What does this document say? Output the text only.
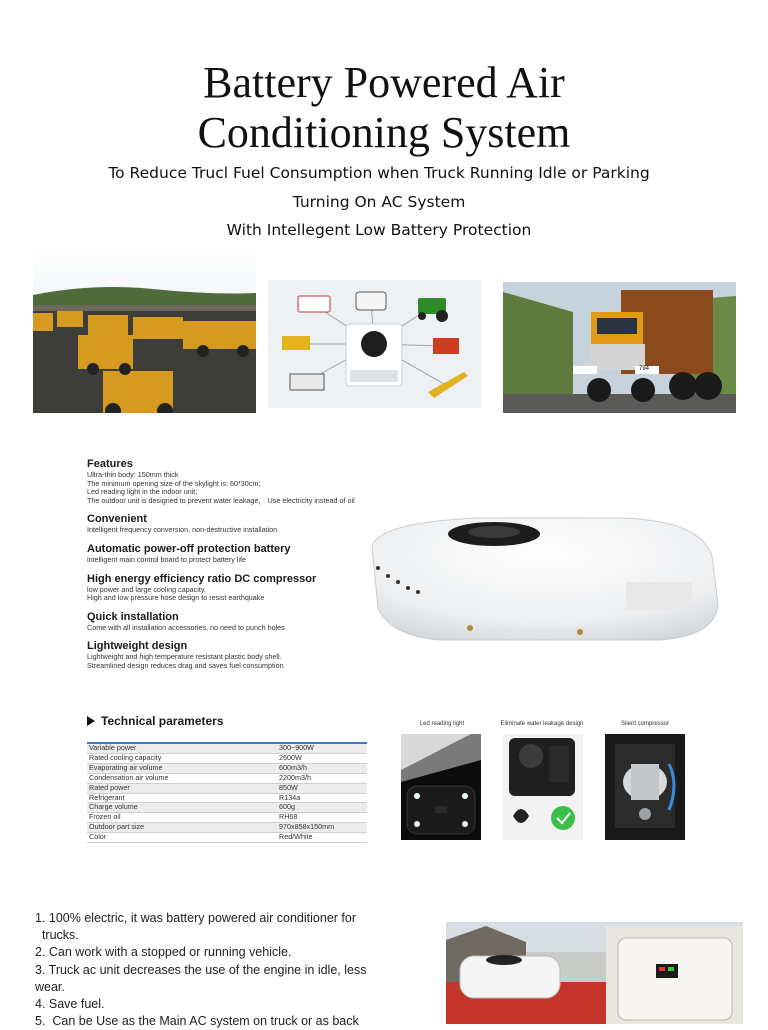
Battery Powered Air
Conditioning System
To Reduce Trucl Fuel Consumption when Truck Running Idle or Parking
Turning On AC System
With Intellegent Low Battery Protection
794
Features
Ultra-thin body: 150mm thick
The minimum opening size of the skylight is: 60*30cm;
Led reading light in the indoor unit;
The outdoor unit is designed to prevent water leakage， Use electricity instead of oil
Convenient
Intelligent frequency conversion, non-destructive installation
Automatic power-off protection battery
intelligent main control board to protect battery life
High energy efficiency ratio DC compressor
low power and large cooling capacity.
High and low pressure hose design to resist earthquake
Quick installation
Come with all installation accessories, no need to punch holes
Lightweight design
Lightweight and high temperature resistant plastic body shell.
Streamlined design reduces drag and saves fuel consumption
Technical parameters
Variable power	300~900W
Rated cooling capacity	2600W
Evaporating air volume	600m3/h
Condensation air volume	2200m3/h
Rated power	850W
Refrigerant	R134a
Charge volume	600g
Frozen oil	RH68
Outdoor part size	970x858x150mm
Color	Red/White
Led reading light	Eliminate water leakage design	Silent compressor
1. 100% electric, it was battery powered air conditioner for
trucks.
2. Can work with a stopped or running vehicle.
3. Truck ac unit decreases the use of the engine in idle, less
wear.
4. Save fuel.
5.  Can be Use as the Main AC system on truck or as back
